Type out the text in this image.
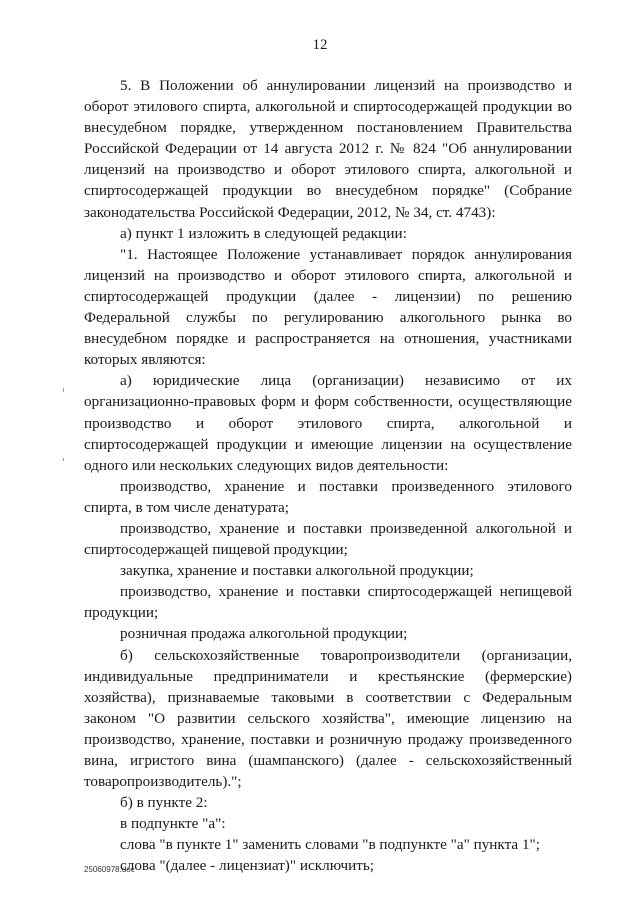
12

5. В Положении об аннулировании лицензий на производство и оборот этилового спирта, алкогольной и спиртосодержащей продукции во внесудебном порядке, утвержденном постановлением Правительства Российской Федерации от 14 августа 2012 г. № 824 "Об аннулировании лицензий на производство и оборот этилового спирта, алкогольной и спиртосодержащей продукции во внесудебном порядке" (Собрание законодательства Российской Федерации, 2012, № 34, ст. 4743):

а) пункт 1 изложить в следующей редакции:

"1. Настоящее Положение устанавливает порядок аннулирования лицензий на производство и оборот этилового спирта, алкогольной и спиртосодержащей продукции (далее - лицензии) по решению Федеральной службы по регулированию алкогольного рынка во внесудебном порядке и распространяется на отношения, участниками которых являются:

а) юридические лица (организации) независимо от их организационно-правовых форм и форм собственности, осуществляющие производство и оборот этилового спирта, алкогольной и спиртосодержащей продукции и имеющие лицензии на осуществление одного или нескольких следующих видов деятельности:

производство, хранение и поставки произведенного этилового спирта, в том числе денатурата;

производство, хранение и поставки произведенной алкогольной и спиртосодержащей пищевой продукции;

закупка, хранение и поставки алкогольной продукции;

производство, хранение и поставки спиртосодержащей непищевой продукции;

розничная продажа алкогольной продукции;

б) сельскохозяйственные товаропроизводители (организации, индивидуальные предприниматели и крестьянские (фермерские) хозяйства), признаваемые таковыми в соответствии с Федеральным законом "О развитии сельского хозяйства", имеющие лицензию на производство, хранение, поставки и розничную продажу произведенного вина, игристого вина (шампанского) (далее - сельскохозяйственный товаропроизводитель).";

б) в пункте 2:

в подпункте "а":

слова "в пункте 1" заменить словами "в подпункте "а" пункта 1";

слова "(далее - лицензиат)" исключить;

25060978.doc
